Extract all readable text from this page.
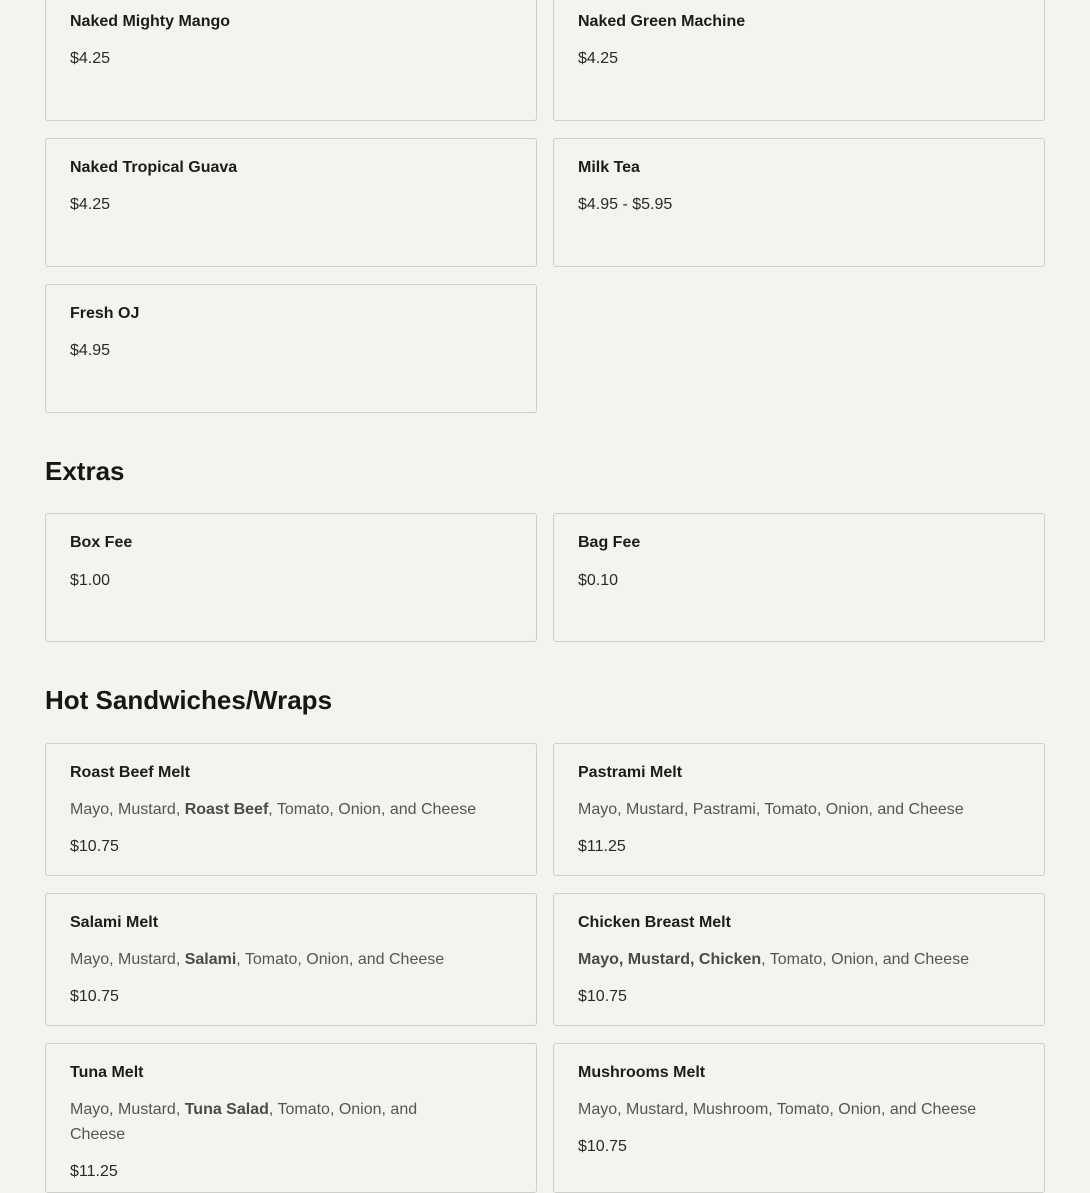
Naked Mighty Mango
$4.25
Naked Green Machine
$4.25
Naked Tropical Guava
$4.25
Milk Tea
$4.95 - $5.95
Fresh OJ
$4.95
Extras
Box Fee
$1.00
Bag Fee
$0.10
Hot Sandwiches/Wraps
Roast Beef Melt
Mayo, Mustard, Roast Beef, Tomato, Onion, and Cheese
$10.75
Pastrami Melt
Mayo, Mustard, Pastrami, Tomato, Onion, and Cheese
$11.25
Salami Melt
Mayo, Mustard, Salami, Tomato, Onion, and Cheese
$10.75
Chicken Breast Melt
Mayo, Mustard, Chicken, Tomato, Onion, and Cheese
$10.75
Tuna Melt
Mayo, Mustard, Tuna Salad, Tomato, Onion, and Cheese
$11.25
Mushrooms Melt
Mayo, Mustard, Mushroom, Tomato, Onion, and Cheese
$10.75
